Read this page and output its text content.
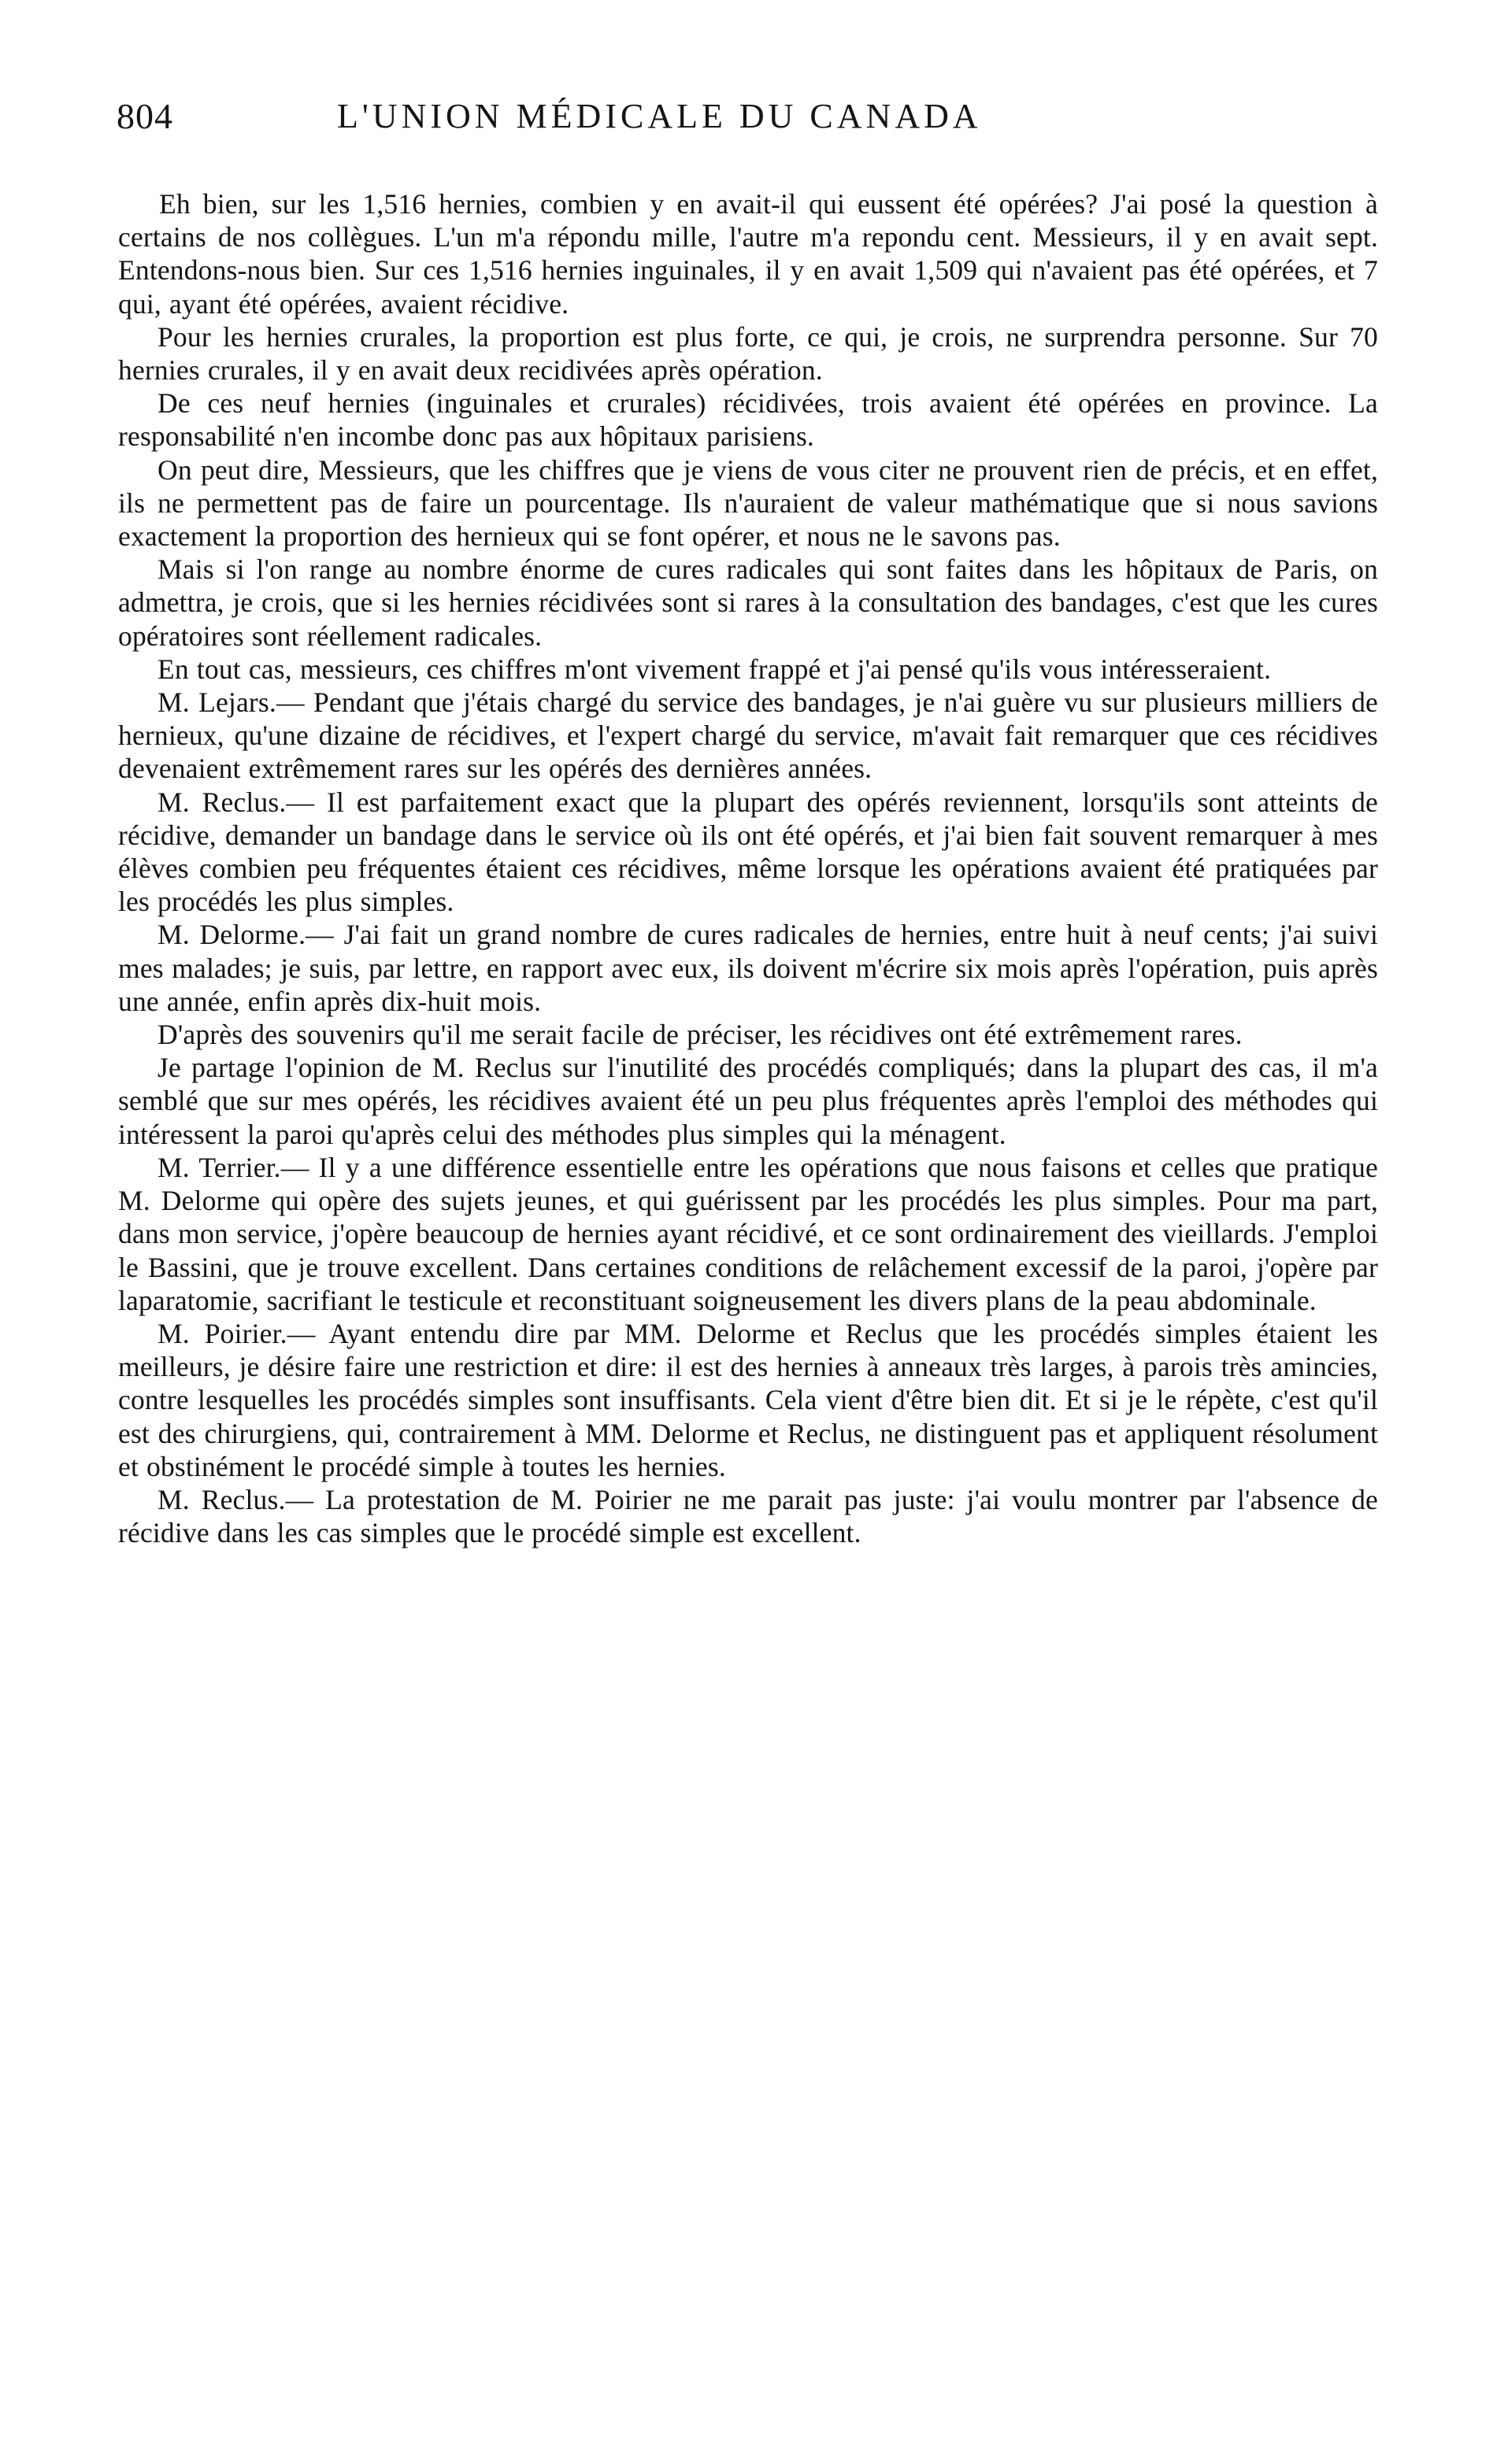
804	L'UNION MÉDICALE DU CANADA

Eh bien, sur les 1,516 hernies, combien y en avait-il qui eussent été opérées? J'ai posé la question à certains de nos collègues. L'un m'a répondu mille, l'autre m'a repondu cent. Messieurs, il y en avait sept. Entendons-nous bien. Sur ces 1,516 hernies inguinales, il y en avait 1,509 qui n'avaient pas été opérées, et 7 qui, ayant été opérées, avaient récidive.

Pour les hernies crurales, la proportion est plus forte, ce qui, je crois, ne surprendra personne. Sur 70 hernies crurales, il y en avait deux recidivées après opération.

De ces neuf hernies (inguinales et crurales) récidivées, trois avaient été opérées en province. La responsabilité n'en incombe donc pas aux hôpitaux parisiens.

On peut dire, Messieurs, que les chiffres que je viens de vous citer ne prouvent rien de précis, et en effet, ils ne permettent pas de faire un pourcentage. Ils n'auraient de valeur mathématique que si nous savions exactement la proportion des hernieux qui se font opérer, et nous ne le savons pas.

Mais si l'on range au nombre énorme de cures radicales qui sont faites dans les hôpitaux de Paris, on admettra, je crois, que si les hernies récidivées sont si rares à la consultation des bandages, c'est que les cures opératoires sont réellement radicales.

En tout cas, messieurs, ces chiffres m'ont vivement frappé et j'ai pensé qu'ils vous intéresseraient.

M. Lejars.— Pendant que j'étais chargé du service des bandages, je n'ai guère vu sur plusieurs milliers de hernieux, qu'une dizaine de récidives, et l'expert chargé du service, m'avait fait remarquer que ces récidives devenaient extrêmement rares sur les opérés des dernières années.

M. Reclus.— Il est parfaitement exact que la plupart des opérés reviennent, lorsqu'ils sont atteints de récidive, demander un bandage dans le service où ils ont été opérés, et j'ai bien fait souvent remarquer à mes élèves combien peu fréquentes étaient ces récidives, même lorsque les opérations avaient été pratiquées par les procédés les plus simples.

M. Delorme.— J'ai fait un grand nombre de cures radicales de hernies, entre huit à neuf cents; j'ai suivi mes malades; je suis, par lettre, en rapport avec eux, ils doivent m'écrire six mois après l'opération, puis après une année, enfin après dix-huit mois.

D'après des souvenirs qu'il me serait facile de préciser, les récidives ont été extrêmement rares.

Je partage l'opinion de M. Reclus sur l'inutilité des procédés compliqués; dans la plupart des cas, il m'a semblé que sur mes opérés, les récidives avaient été un peu plus fréquentes après l'emploi des méthodes qui intéressent la paroi qu'après celui des méthodes plus simples qui la ménagent.

M. Terrier.— Il y a une différence essentielle entre les opérations que nous faisons et celles que pratique M. Delorme qui opère des sujets jeunes, et qui guérissent par les procédés les plus simples. Pour ma part, dans mon service, j'opère beaucoup de hernies ayant récidivé, et ce sont ordinairement des vieillards. J'emploi le Bassini, que je trouve excellent. Dans certaines conditions de relâchement excessif de la paroi, j'opère par laparatomie, sacrifiant le testicule et reconstituant soigneusement les divers plans de la peau abdominale.

M. Poirier.— Ayant entendu dire par MM. Delorme et Reclus que les procédés simples étaient les meilleurs, je désire faire une restriction et dire: il est des hernies à anneaux très larges, à parois très amincies, contre lesquelles les procédés simples sont insuffisants. Cela vient d'être bien dit. Et si je le répète, c'est qu'il est des chirurgiens, qui, contrairement à MM. Delorme et Reclus, ne distinguent pas et appliquent résolument et obstinément le procédé simple à toutes les hernies.

M. Reclus.— La protestation de M. Poirier ne me parait pas juste: j'ai voulu montrer par l'absence de récidive dans les cas simples que le procédé simple est excellent.
